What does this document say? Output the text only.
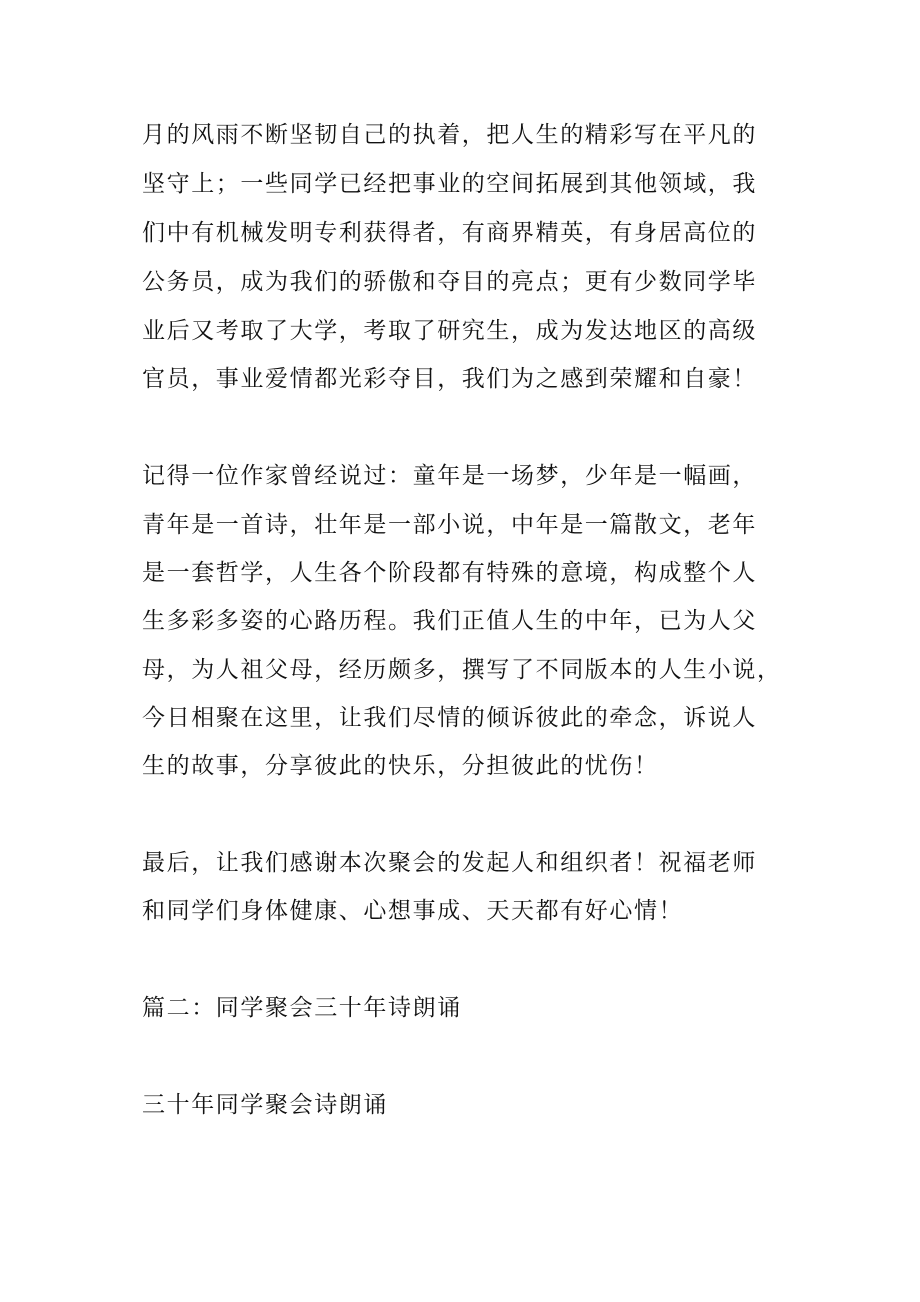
月的风雨不断坚韧自己的执着，把人生的精彩写在平凡的
坚守上；一些同学已经把事业的空间拓展到其他领域，我
们中有机械发明专利获得者，有商界精英，有身居高位的
公务员，成为我们的骄傲和夺目的亮点；更有少数同学毕
业后又考取了大学，考取了研究生，成为发达地区的高级
官员，事业爱情都光彩夺目，我们为之感到荣耀和自豪！
记得一位作家曾经说过：童年是一场梦，少年是一幅画，
青年是一首诗，壮年是一部小说，中年是一篇散文，老年
是一套哲学，人生各个阶段都有特殊的意境，构成整个人
生多彩多姿的心路历程。我们正值人生的中年，已为人父
母，为人祖父母，经历颇多，撰写了不同版本的人生小说，
今日相聚在这里，让我们尽情的倾诉彼此的牵念，诉说人
生的故事，分享彼此的快乐，分担彼此的忧伤！
最后，让我们感谢本次聚会的发起人和组织者！祝福老师
和同学们身体健康、心想事成、天天都有好心情！
篇二：同学聚会三十年诗朗诵
三十年同学聚会诗朗诵
